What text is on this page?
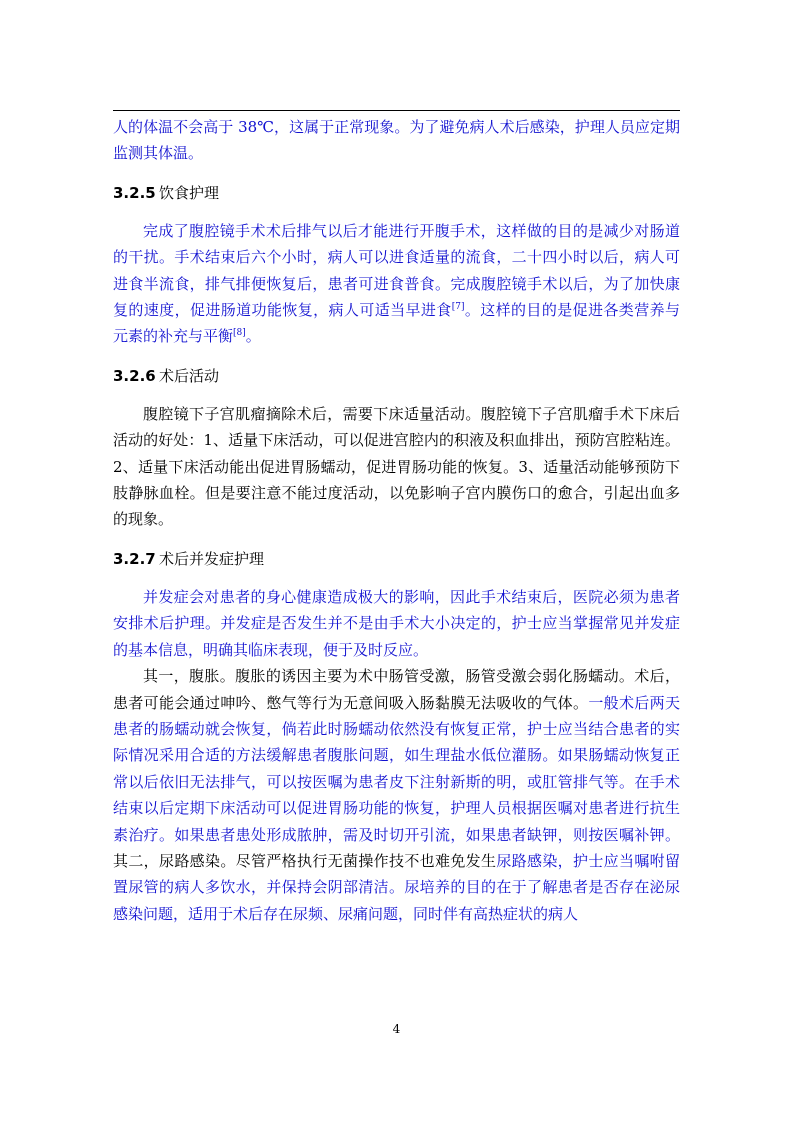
人的体温不会高于 38℃，这属于正常现象。为了避免病人术后感染，护理人员应定期监测其体温。

3.2.5 饮食护理

完成了腹腔镜手术术后排气以后才能进行开腹手术，这样做的目的是减少对肠道的干扰。手术结束后六个小时，病人可以进食适量的流食，二十四小时以后，病人可进食半流食，排气排便恢复后，患者可进食普食。完成腹腔镜手术以后，为了加快康复的速度，促进肠道功能恢复，病人可适当早进食[7]。这样的目的是促进各类营养与元素的补充与平衡[8]。

3.2.6 术后活动

腹腔镜下子宫肌瘤摘除术后，需要下床适量活动。腹腔镜下子宫肌瘤手术下床后活动的好处：1、适量下床活动，可以促进宫腔内的积液及积血排出，预防宫腔粘连。2、适量下床活动能出促进胃肠蠕动，促进胃肠功能的恢复。3、适量活动能够预防下肢静脉血栓。但是要注意不能过度活动，以免影响子宫内膜伤口的愈合，引起出血多的现象。

3.2.7 术后并发症护理

并发症会对患者的身心健康造成极大的影响，因此手术结束后，医院必须为患者安排术后护理。并发症是否发生并不是由手术大小决定的，护士应当掌握常见并发症的基本信息，明确其临床表现，便于及时反应。

其一，腹胀。腹胀的诱因主要为术中肠管受激，肠管受激会弱化肠蠕动。术后，患者可能会通过呻吟、憋气等行为无意间吸入肠黏膜无法吸收的气体。一般术后两天患者的肠蠕动就会恢复，倘若此时肠蠕动依然没有恢复正常，护士应当结合患者的实际情况采用合适的方法缓解患者腹胀问题，如生理盐水低位灌肠。如果肠蠕动恢复正常以后依旧无法排气，可以按医嘱为患者皮下注射新斯的明，或肛管排气等。在手术结束以后定期下床活动可以促进胃肠功能的恢复，护理人员根据医嘱对患者进行抗生素治疗。如果患者患处形成脓肿，需及时切开引流，如果患者缺钾，则按医嘱补钾。其二，尿路感染。尽管严格执行无菌操作技不也难免发生尿路感染，护士应当嘱咐留置尿管的病人多饮水，并保持会阴部清洁。尿培养的目的在于了解患者是否存在泌尿感染问题，适用于术后存在尿频、尿痛问题，同时伴有高热症状的病人

4
